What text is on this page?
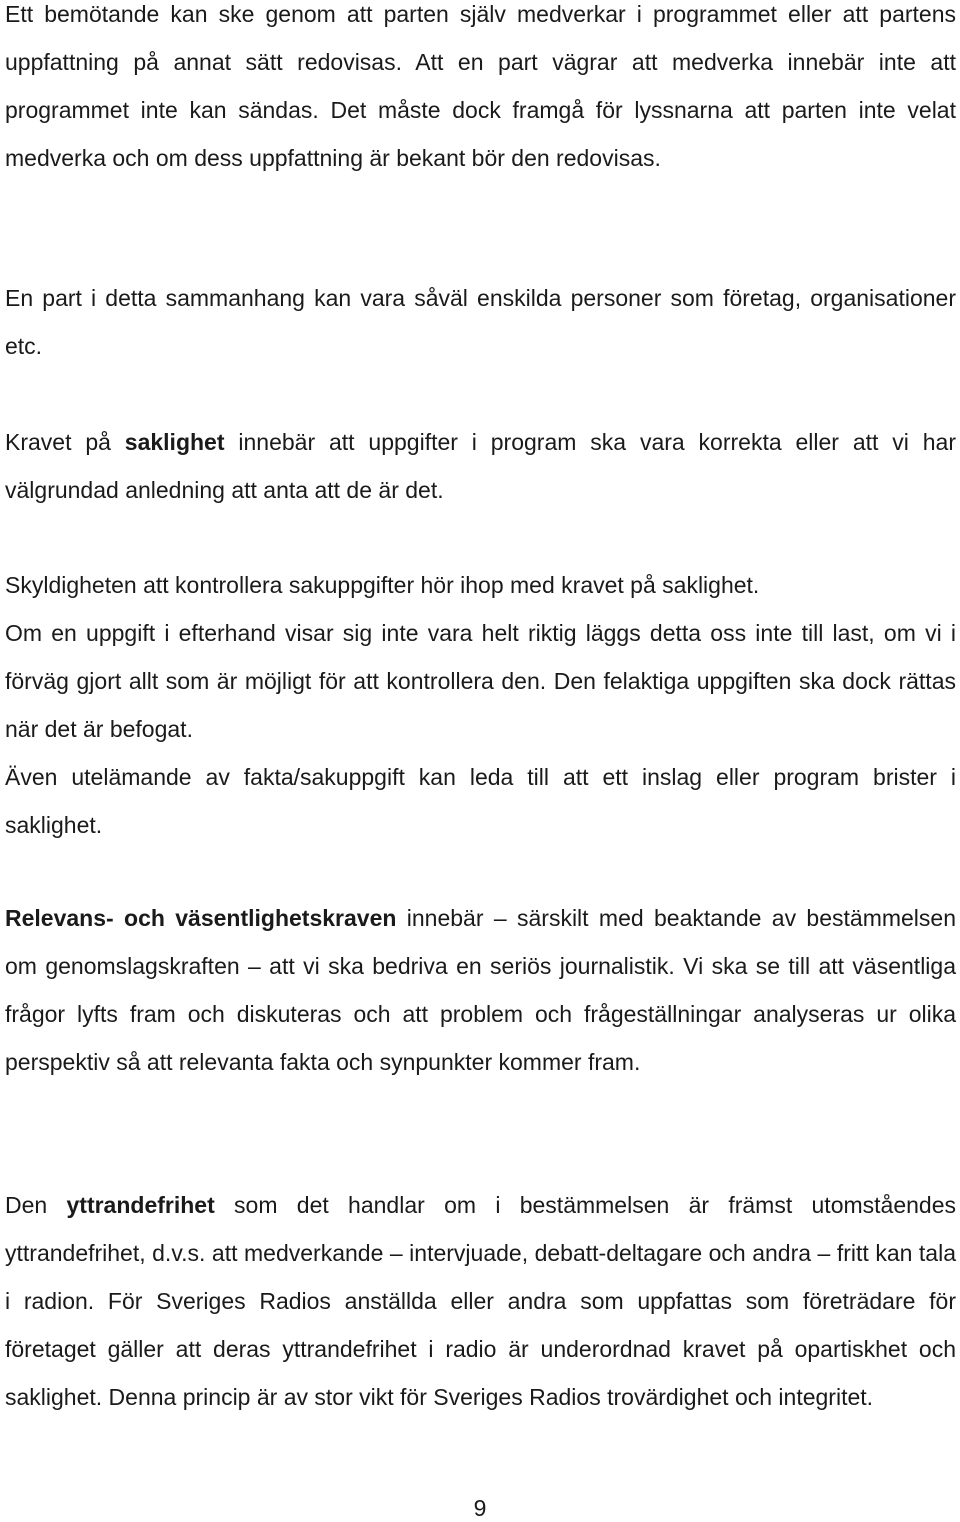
Ett bemötande kan ske genom att parten själv medverkar i programmet eller att partens uppfattning på annat sätt redovisas. Att en part vägrar att medverka innebär inte att programmet inte kan sändas. Det måste dock framgå för lyssnarna att parten inte velat medverka och om dess uppfattning är bekant bör den redovisas.

En part i detta sammanhang kan vara såväl enskilda personer som företag, organisationer etc.

Kravet på saklighet innebär att uppgifter i program ska vara korrekta eller att vi har välgrundad anledning att anta att de är det.

Skyldigheten att kontrollera sakuppgifter hör ihop med kravet på saklighet.
Om en uppgift i efterhand visar sig inte vara helt riktig läggs detta oss inte till last, om vi i förväg gjort allt som är möjligt för att kontrollera den. Den felaktiga uppgiften ska dock rättas när det är befogat.
Även utelämande av fakta/sakuppgift kan leda till att ett inslag eller program brister i saklighet.

Relevans- och väsentlighetskraven innebär – särskilt med beaktande av bestämmelsen om genomslagskraften – att vi ska bedriva en seriös journalistik. Vi ska se till att väsentliga frågor lyfts fram och diskuteras och att problem och frågeställningar analyseras ur olika perspektiv så att relevanta fakta och synpunkter kommer fram.

Den yttrandefrihet som det handlar om i bestämmelsen är främst utomståendes yttrandefrihet, d.v.s. att medverkande – intervjuade, debatt-deltagare och andra – fritt kan tala i radion. För Sveriges Radios anställda eller andra som uppfattas som företrädare för företaget gäller att deras yttrandefrihet i radio är underordnad kravet på opartiskhet och saklighet. Denna princip är av stor vikt för Sveriges Radios trovärdighet och integritet.

9
